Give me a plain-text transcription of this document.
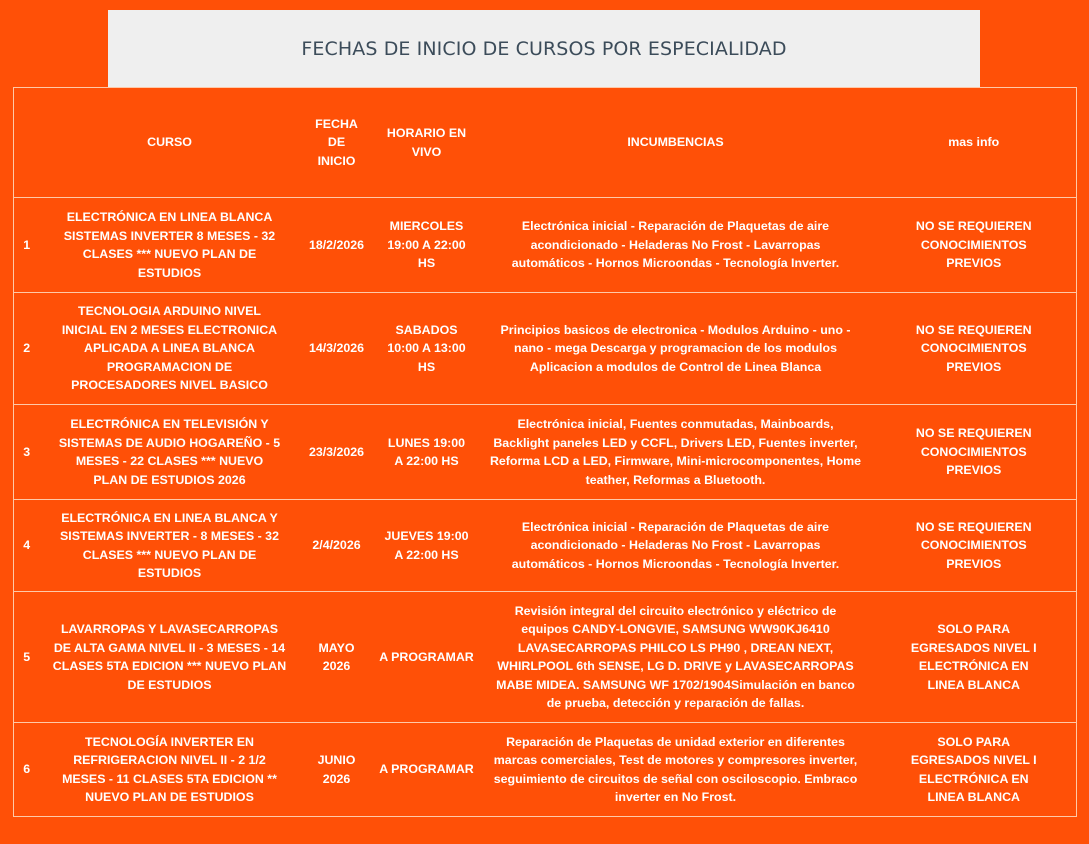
FECHAS DE INICIO DE CURSOS POR ESPECIALIDAD
	CURSO	FECHA DE INICIO	HORARIO EN VIVO	INCUMBENCIAS	mas info
1	ELECTRÓNICA EN LINEA BLANCA SISTEMAS INVERTER 8 MESES - 32 CLASES *** NUEVO PLAN DE ESTUDIOS	18/2/2026	MIERCOLES 19:00 A 22:00 HS	Electrónica inicial - Reparación de Plaquetas de aire acondicionado - Heladeras No Frost - Lavarropas automáticos - Hornos Microondas - Tecnología Inverter.	NO SE REQUIEREN CONOCIMIENTOS PREVIOS
2	TECNOLOGIA ARDUINO NIVEL INICIAL EN 2 MESES ELECTRONICA APLICADA A LINEA BLANCA PROGRAMACION DE PROCESADORES NIVEL BASICO	14/3/2026	SABADOS 10:00 A 13:00 HS	Principios basicos de electronica - Modulos Arduino - uno - nano - mega Descarga y programacion de los modulos Aplicacion a modulos de Control de Linea Blanca	NO SE REQUIEREN CONOCIMIENTOS PREVIOS
3	ELECTRÓNICA EN TELEVISIÓN Y SISTEMAS DE AUDIO HOGAREÑO - 5 MESES - 22 CLASES *** NUEVO PLAN DE ESTUDIOS 2026	23/3/2026	LUNES 19:00 A 22:00 HS	Electrónica inicial, Fuentes conmutadas, Mainboards, Backlight paneles LED y CCFL, Drivers LED, Fuentes inverter, Reforma LCD a LED, Firmware, Mini-microcomponentes, Home teather, Reformas a Bluetooth.	NO SE REQUIEREN CONOCIMIENTOS PREVIOS
4	ELECTRÓNICA EN LINEA BLANCA Y SISTEMAS INVERTER - 8 MESES - 32 CLASES *** NUEVO PLAN DE ESTUDIOS	2/4/2026	JUEVES 19:00 A 22:00 HS	Electrónica inicial - Reparación de Plaquetas de aire acondicionado - Heladeras No Frost - Lavarropas automáticos - Hornos Microondas - Tecnología Inverter.	NO SE REQUIEREN CONOCIMIENTOS PREVIOS
5	LAVARROPAS Y LAVASECARROPAS DE ALTA GAMA NIVEL II - 3 MESES - 14 CLASES 5TA EDICION *** NUEVO PLAN DE ESTUDIOS	MAYO 2026	A PROGRAMAR	Revisión integral del circuito electrónico y eléctrico de equipos CANDY-LONGVIE, SAMSUNG WW90KJ6410 LAVASECARROPAS PHILCO LS PH90 , DREAN NEXT, WHIRLPOOL 6th SENSE, LG D. DRIVE y LAVASECARROPAS MABE MIDEA. SAMSUNG WF 1702/1904Simulación en banco de prueba, detección y reparación de fallas.	SOLO PARA EGRESADOS NIVEL I ELECTRÓNICA EN LINEA BLANCA
6	TECNOLOGÍA INVERTER EN REFRIGERACION NIVEL II - 2 1/2 MESES - 11 CLASES 5TA EDICION ** NUEVO PLAN DE ESTUDIOS	JUNIO 2026	A PROGRAMAR	Reparación de Plaquetas de unidad exterior en diferentes marcas comerciales, Test de motores y compresores inverter, seguimiento de circuitos de señal con osciloscopio. Embraco inverter en No Frost.	SOLO PARA EGRESADOS NIVEL I ELECTRÓNICA EN LINEA BLANCA
